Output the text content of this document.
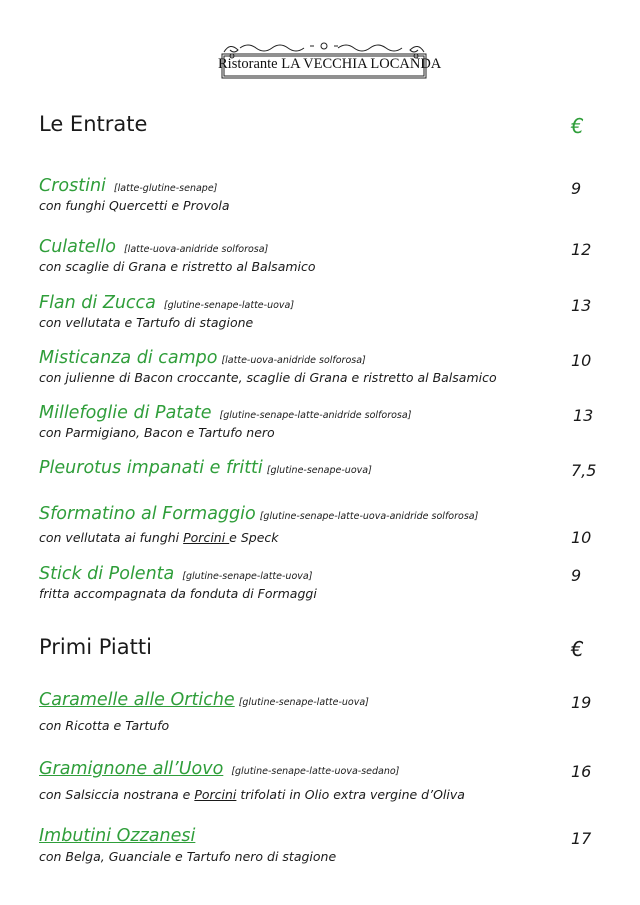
Ristorante LA VECCHIA LOCANDA
Le Entrate	€
Crostini [latte-glutine-senape]
con funghi Quercetti e Provola
9
Culatello [latte-uova-anidride solforosa]
con scaglie di Grana e ristretto al Balsamico
12
Flan di Zucca [glutine-senape-latte-uova]
con vellutata e Tartufo di stagione
13
Misticanza di campo [latte-uova-anidride solforosa]
con julienne di Bacon croccante, scaglie di Grana e ristretto al Balsamico
10
Millefoglie di Patate [glutine-senape-latte-anidride solforosa]
con Parmigiano, Bacon e Tartufo nero
13
Pleurotus impanati e fritti [glutine-senape-uova]	7,5
Sformatino al Formaggio [glutine-senape-latte-uova-anidride solforosa]
con vellutata ai funghi Porcini e Speck	10
Stick di Polenta [glutine-senape-latte-uova]
fritta accompagnata da fonduta di Formaggi
9
Primi Piatti	€
Caramelle alle Ortiche [glutine-senape-latte-uova]
con Ricotta e Tartufo
19
Gramignone all’Uovo [glutine-senape-latte-uova-sedano]
con Salsiccia nostrana e Porcini trifolati in Olio extra vergine d’Oliva
16
Imbutini Ozzanesi
con Belga, Guanciale e Tartufo nero di stagione
17
